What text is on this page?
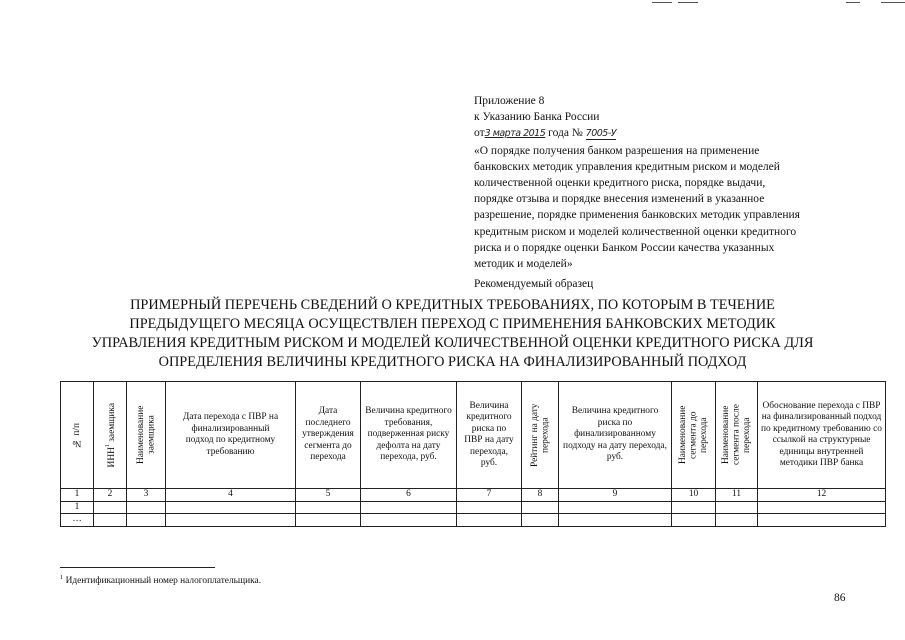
Приложение 8
к Указанию Банка России
от3 марта 2015 года № 7005-У
«О порядке получения банком разрешения на применение
банковских методик управления кредитным риском и моделей
количественной оценки кредитного риска, порядке выдачи,
порядке отзыва и порядке внесения изменений в указанное
разрешение, порядке применения банковских методик управления
кредитным риском и моделей количественной оценки кредитного
риска и о порядке оценки Банком России качества указанных
методик и моделей»
Рекомендуемый образец
ПРИМЕРНЫЙ ПЕРЕЧЕНЬ СВЕДЕНИЙ О КРЕДИТНЫХ ТРЕБОВАНИЯХ, ПО КОТОРЫМ В ТЕЧЕНИЕ
ПРЕДЫДУЩЕГО МЕСЯЦА ОСУЩЕСТВЛЕН ПЕРЕХОД С ПРИМЕНЕНИЯ БАНКОВСКИХ МЕТОДИК
УПРАВЛЕНИЯ КРЕДИТНЫМ РИСКОМ И МОДЕЛЕЙ КОЛИЧЕСТВЕННОЙ ОЦЕНКИ КРЕДИТНОГО РИСКА ДЛЯ
ОПРЕДЕЛЕНИЯ ВЕЛИЧИНЫ КРЕДИТНОГО РИСКА НА ФИНАЛИЗИРОВАННЫЙ ПОДХОД
№ п/п	ИНН$^1$ заемщика	Наименование заемщика	Дата перехода с ПВР на финализированный подход по кредитному требованию	Дата последнего утверждения сегмента до перехода	Величина кредитного требования, подверженная риску дефолта на дату перехода, руб.	Величина кредитного риска по ПВР на дату перехода, руб.	Рейтинг на дату перехода	Величина кредитного риска по финализированному подходу на дату перехода, руб.	Наименование сегмента до перехода	Наименование сегмента после перехода	Обоснование перехода с ПВР на финализированный подход по кредитному требованию со ссылкой на структурные единицы внутренней методики ПВР банка

1	2	3	4	5	6	7	8	9	10	11	12
1											
…											
$^1$ Идентификационный номер налогоплательщика.
86
